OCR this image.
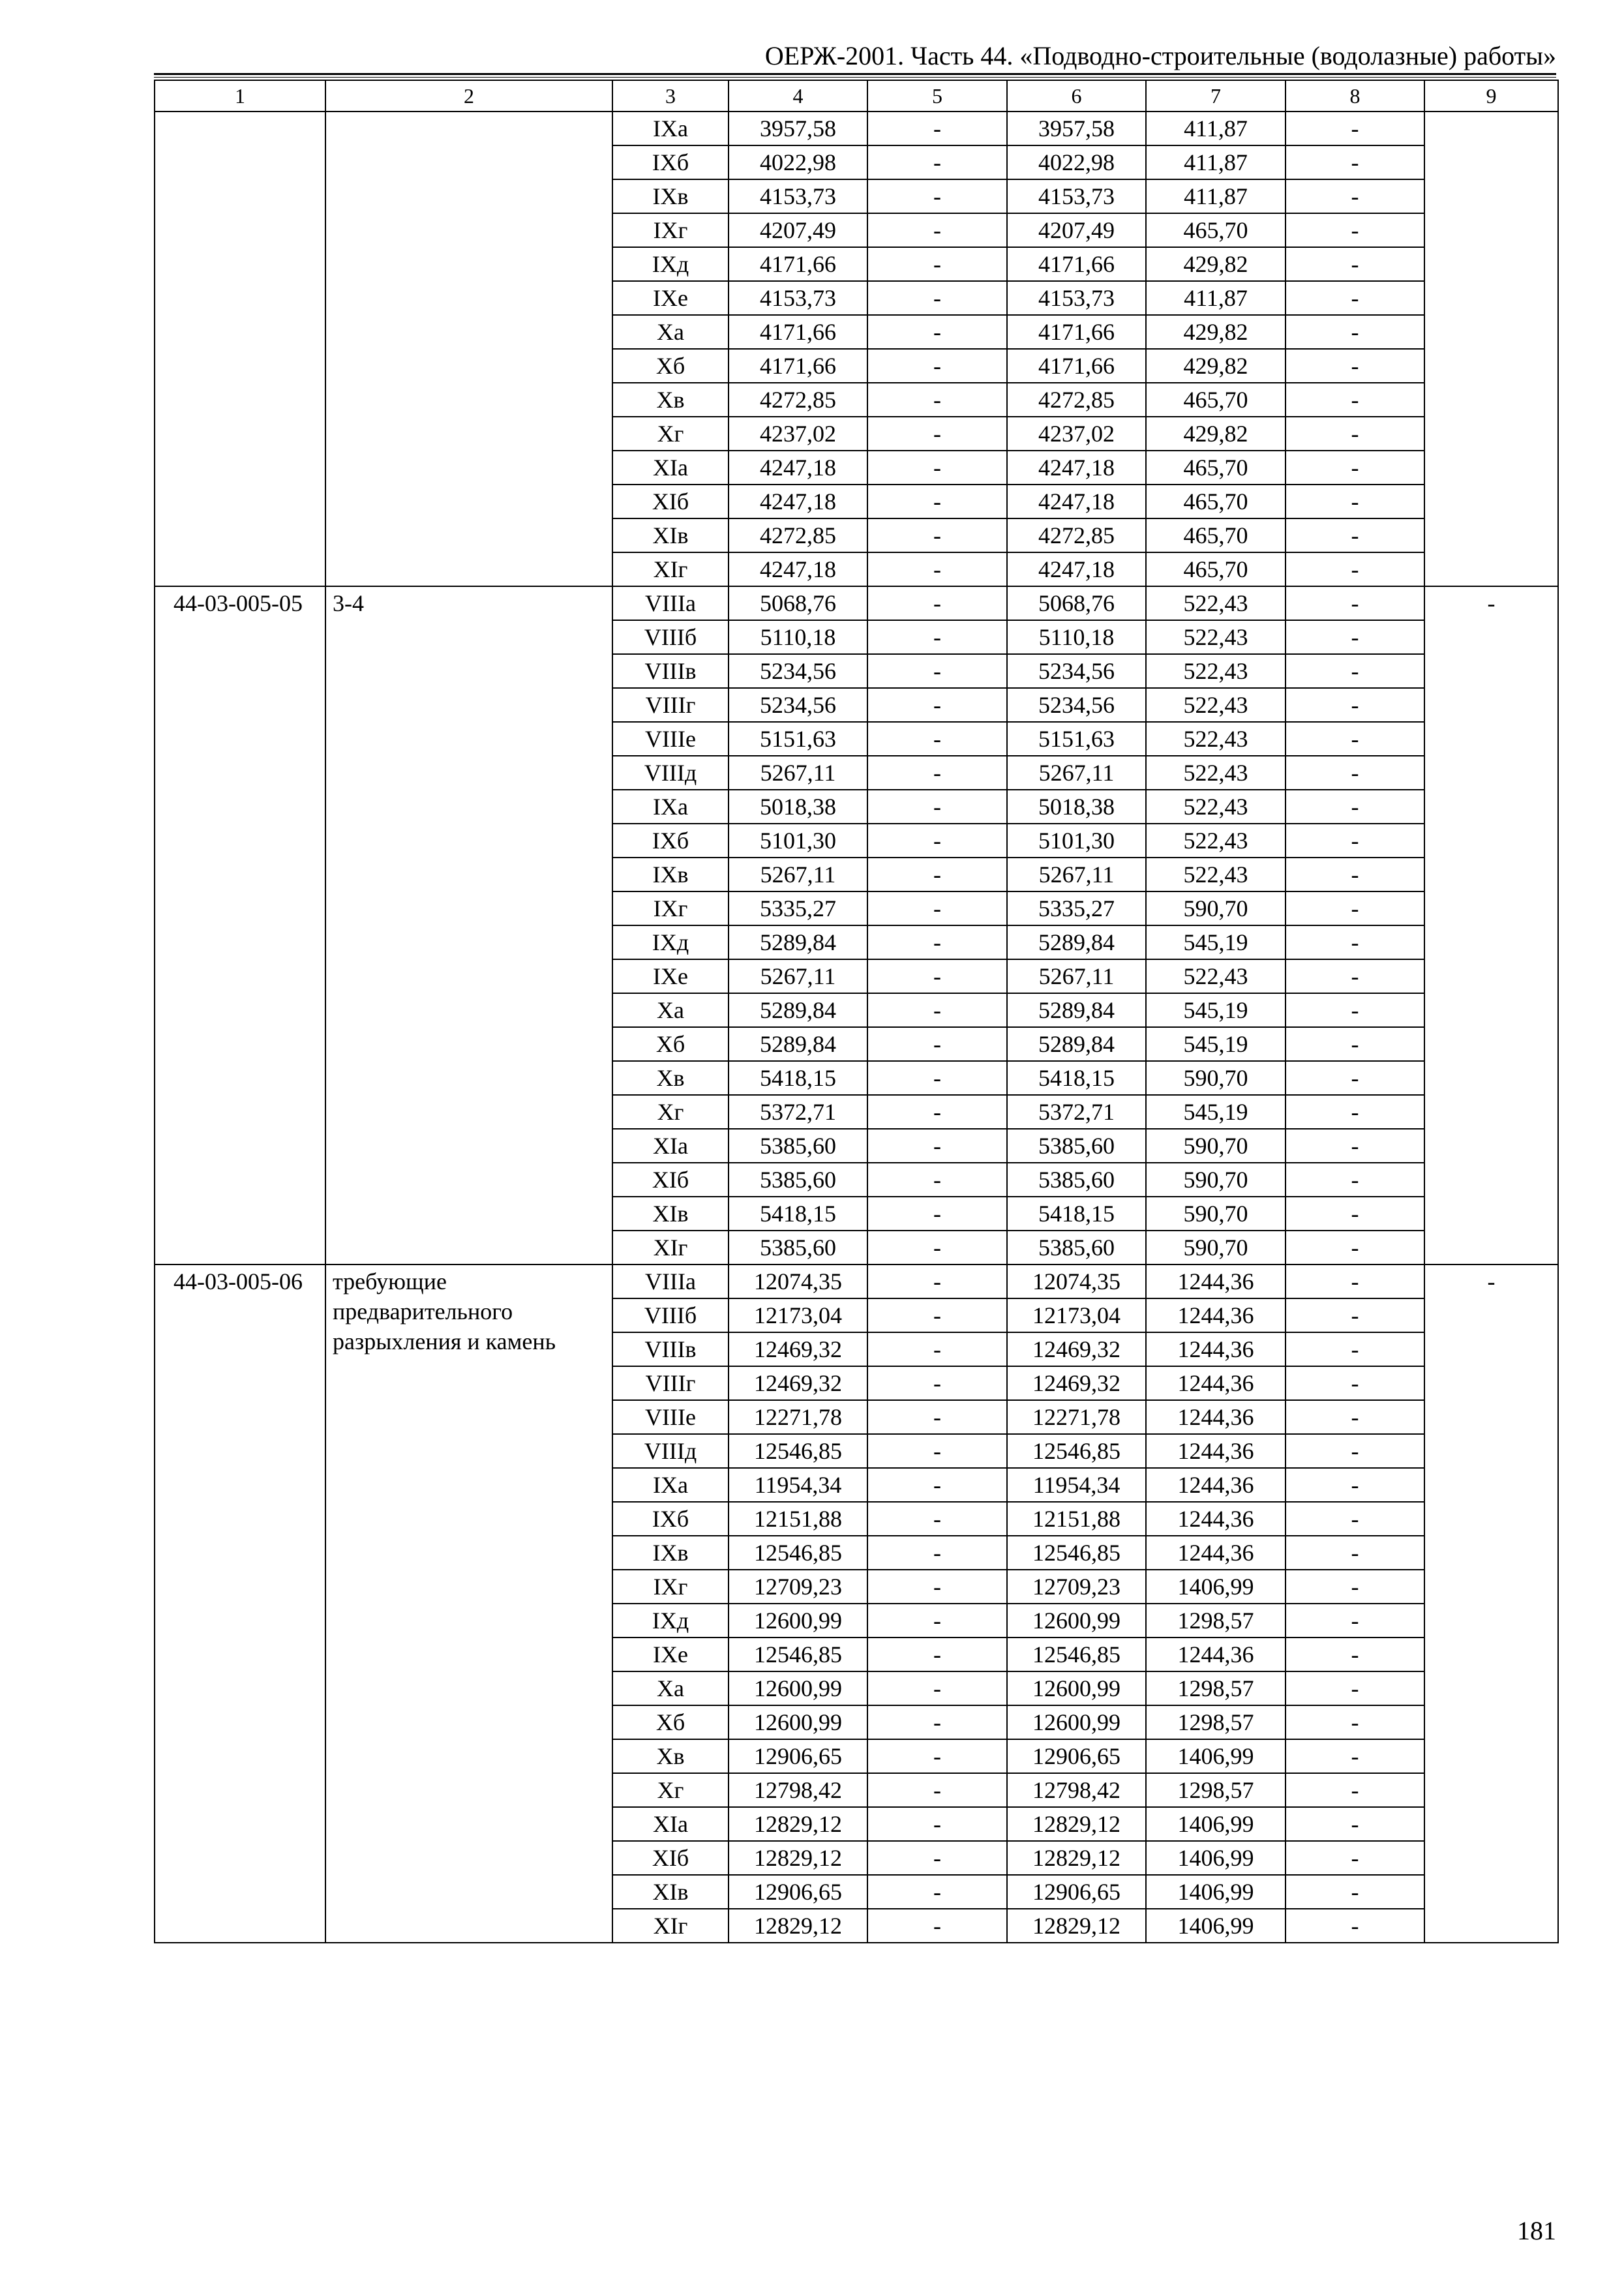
ОЕРЖ-2001. Часть 44. «Подводно-строительные (водолазные) работы»
1	2	3	4	5	6	7	8	9
		IXа	3957,58	-	3957,58	411,87	-	
		IXб	4022,98	-	4022,98	411,87	-	
		IXв	4153,73	-	4153,73	411,87	-	
		IXг	4207,49	-	4207,49	465,70	-	
		IXд	4171,66	-	4171,66	429,82	-	
		IXе	4153,73	-	4153,73	411,87	-	
		Xа	4171,66	-	4171,66	429,82	-	
		Xб	4171,66	-	4171,66	429,82	-	
		Xв	4272,85	-	4272,85	465,70	-	
		Xг	4237,02	-	4237,02	429,82	-	
		XIа	4247,18	-	4247,18	465,70	-	
		XIб	4247,18	-	4247,18	465,70	-	
		XIв	4272,85	-	4272,85	465,70	-	
		XIг	4247,18	-	4247,18	465,70	-	
44-03-005-05	3-4	VIIIа	5068,76	-	5068,76	522,43	-	-
		VIIIб	5110,18	-	5110,18	522,43	-	
		VIIIв	5234,56	-	5234,56	522,43	-	
		VIIIг	5234,56	-	5234,56	522,43	-	
		VIIIе	5151,63	-	5151,63	522,43	-	
		VIIIд	5267,11	-	5267,11	522,43	-	
		IXа	5018,38	-	5018,38	522,43	-	
		IXб	5101,30	-	5101,30	522,43	-	
		IXв	5267,11	-	5267,11	522,43	-	
		IXг	5335,27	-	5335,27	590,70	-	
		IXд	5289,84	-	5289,84	545,19	-	
		IXе	5267,11	-	5267,11	522,43	-	
		Xа	5289,84	-	5289,84	545,19	-	
		Xб	5289,84	-	5289,84	545,19	-	
		Xв	5418,15	-	5418,15	590,70	-	
		Xг	5372,71	-	5372,71	545,19	-	
		XIа	5385,60	-	5385,60	590,70	-	
		XIб	5385,60	-	5385,60	590,70	-	
		XIв	5418,15	-	5418,15	590,70	-	
		XIг	5385,60	-	5385,60	590,70	-	
44-03-005-06	требующие предварительного разрыхления и камень	VIIIа	12074,35	-	12074,35	1244,36	-	-
		VIIIб	12173,04	-	12173,04	1244,36	-	
		VIIIв	12469,32	-	12469,32	1244,36	-	
		VIIIг	12469,32	-	12469,32	1244,36	-	
		VIIIе	12271,78	-	12271,78	1244,36	-	
		VIIIд	12546,85	-	12546,85	1244,36	-	
		IXа	11954,34	-	11954,34	1244,36	-	
		IXб	12151,88	-	12151,88	1244,36	-	
		IXв	12546,85	-	12546,85	1244,36	-	
		IXг	12709,23	-	12709,23	1406,99	-	
		IXд	12600,99	-	12600,99	1298,57	-	
		IXе	12546,85	-	12546,85	1244,36	-	
		Xа	12600,99	-	12600,99	1298,57	-	
		Xб	12600,99	-	12600,99	1298,57	-	
		Xв	12906,65	-	12906,65	1406,99	-	
		Xг	12798,42	-	12798,42	1298,57	-	
		XIа	12829,12	-	12829,12	1406,99	-	
		XIб	12829,12	-	12829,12	1406,99	-	
		XIв	12906,65	-	12906,65	1406,99	-	
		XIг	12829,12	-	12829,12	1406,99	-	
181
